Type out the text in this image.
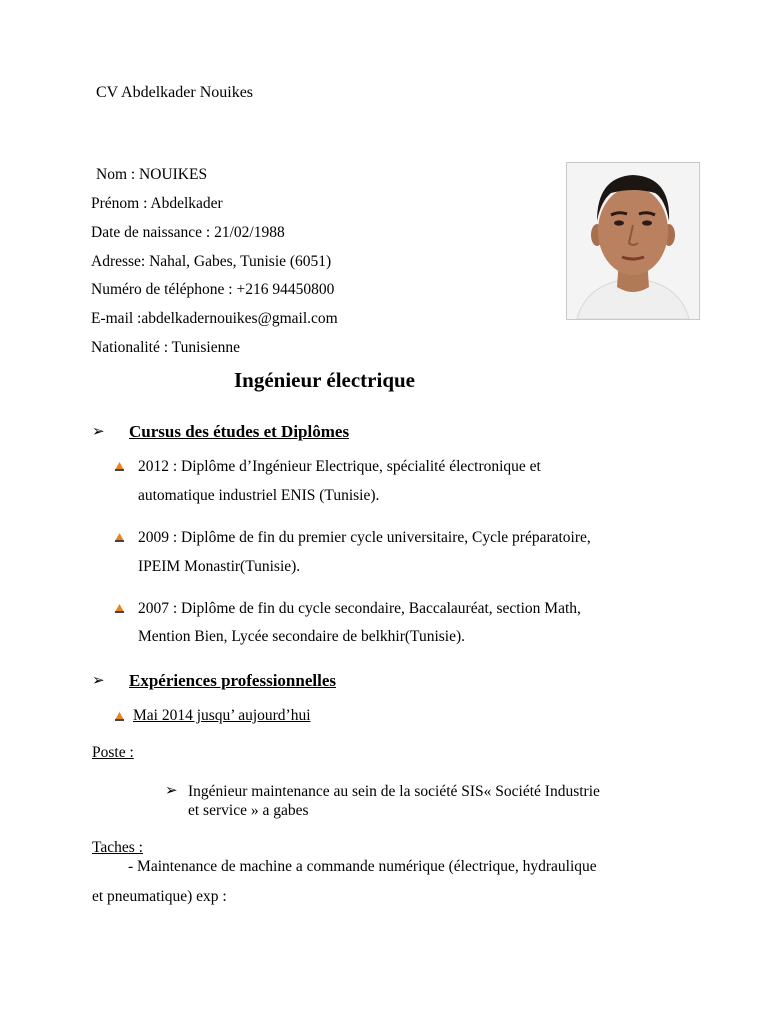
CV Abdelkader Nouikes
Nom : NOUIKES
Prénom : Abdelkader
Date de naissance : 21/02/1988
Adresse: Nahal, Gabes, Tunisie (6051)
Numéro de téléphone : +216 94450800
E-mail :abdelkadernouikes@gmail.com
Nationalité : Tunisienne
Ingénieur électrique
➢ Cursus des études et Diplômes
2012 : Diplôme d’Ingénieur Electrique, spécialité électronique et
automatique industriel ENIS (Tunisie).
2009 : Diplôme de fin du premier cycle universitaire, Cycle préparatoire,
IPEIM Monastir(Tunisie).
2007 : Diplôme de fin du cycle secondaire, Baccalauréat, section Math,
Mention Bien, Lycée secondaire de belkhir(Tunisie).
➢ Expériences professionnelles
Mai 2014 jusqu’ aujourd’hui
Poste :
➢ Ingénieur maintenance au sein de la société SIS« Société Industrie
et service » a gabes
Taches :
- Maintenance de machine a commande numérique (électrique, hydraulique
et pneumatique) exp :
